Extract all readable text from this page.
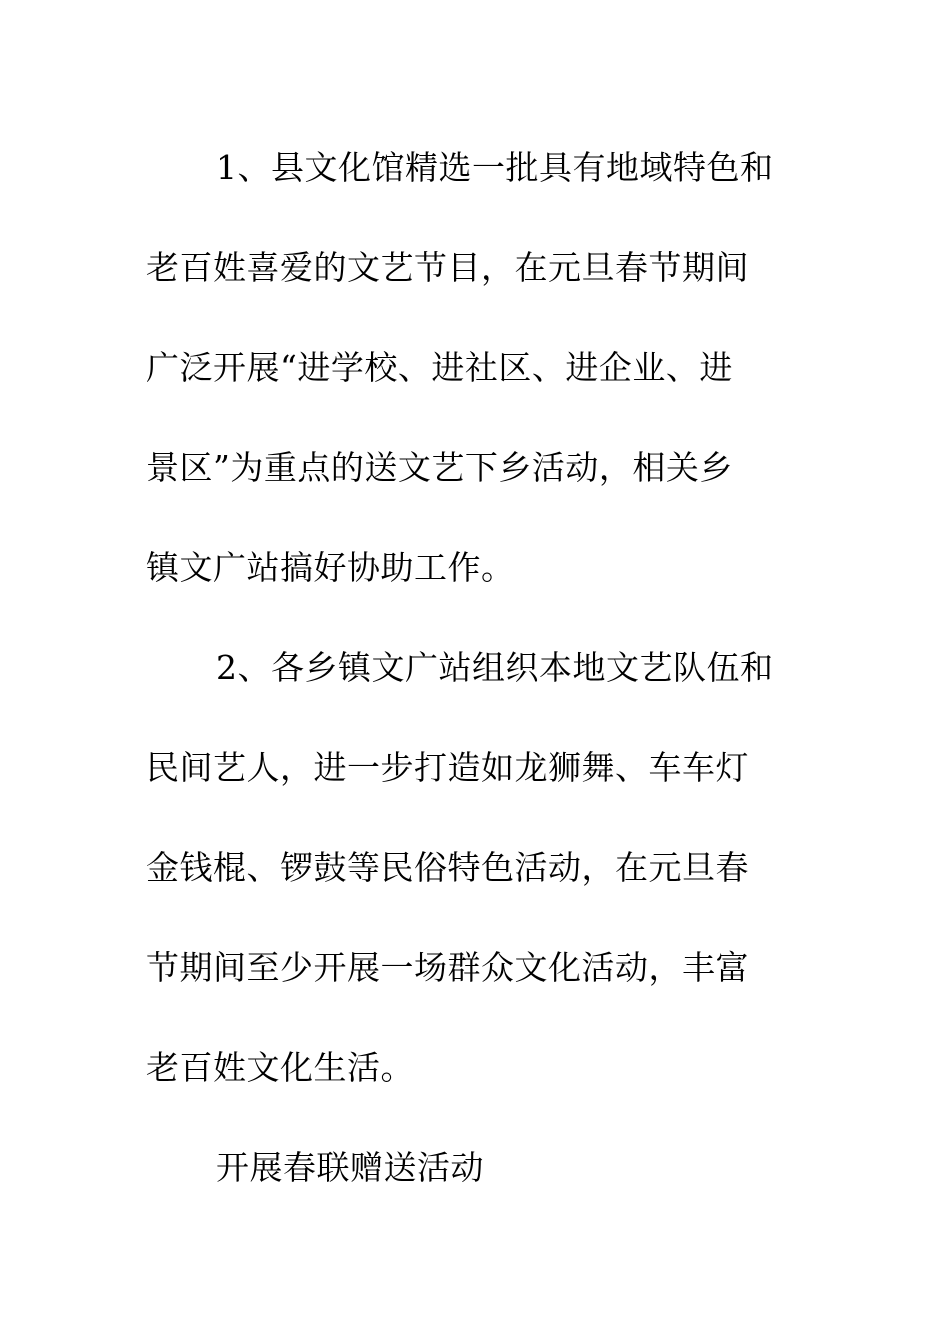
1、县文化馆精选一批具有地域特色和
老百姓喜爱的文艺节目，在元旦春节期间
广泛开展“进学校、进社区、进企业、进
景区”为重点的送文艺下乡活动，相关乡
镇文广站搞好协助工作。

2、各乡镇文广站组织本地文艺队伍和
民间艺人，进一步打造如龙狮舞、车车灯
金钱棍、锣鼓等民俗特色活动，在元旦春
节期间至少开展一场群众文化活动，丰富
老百姓文化生活。

开展春联赠送活动
